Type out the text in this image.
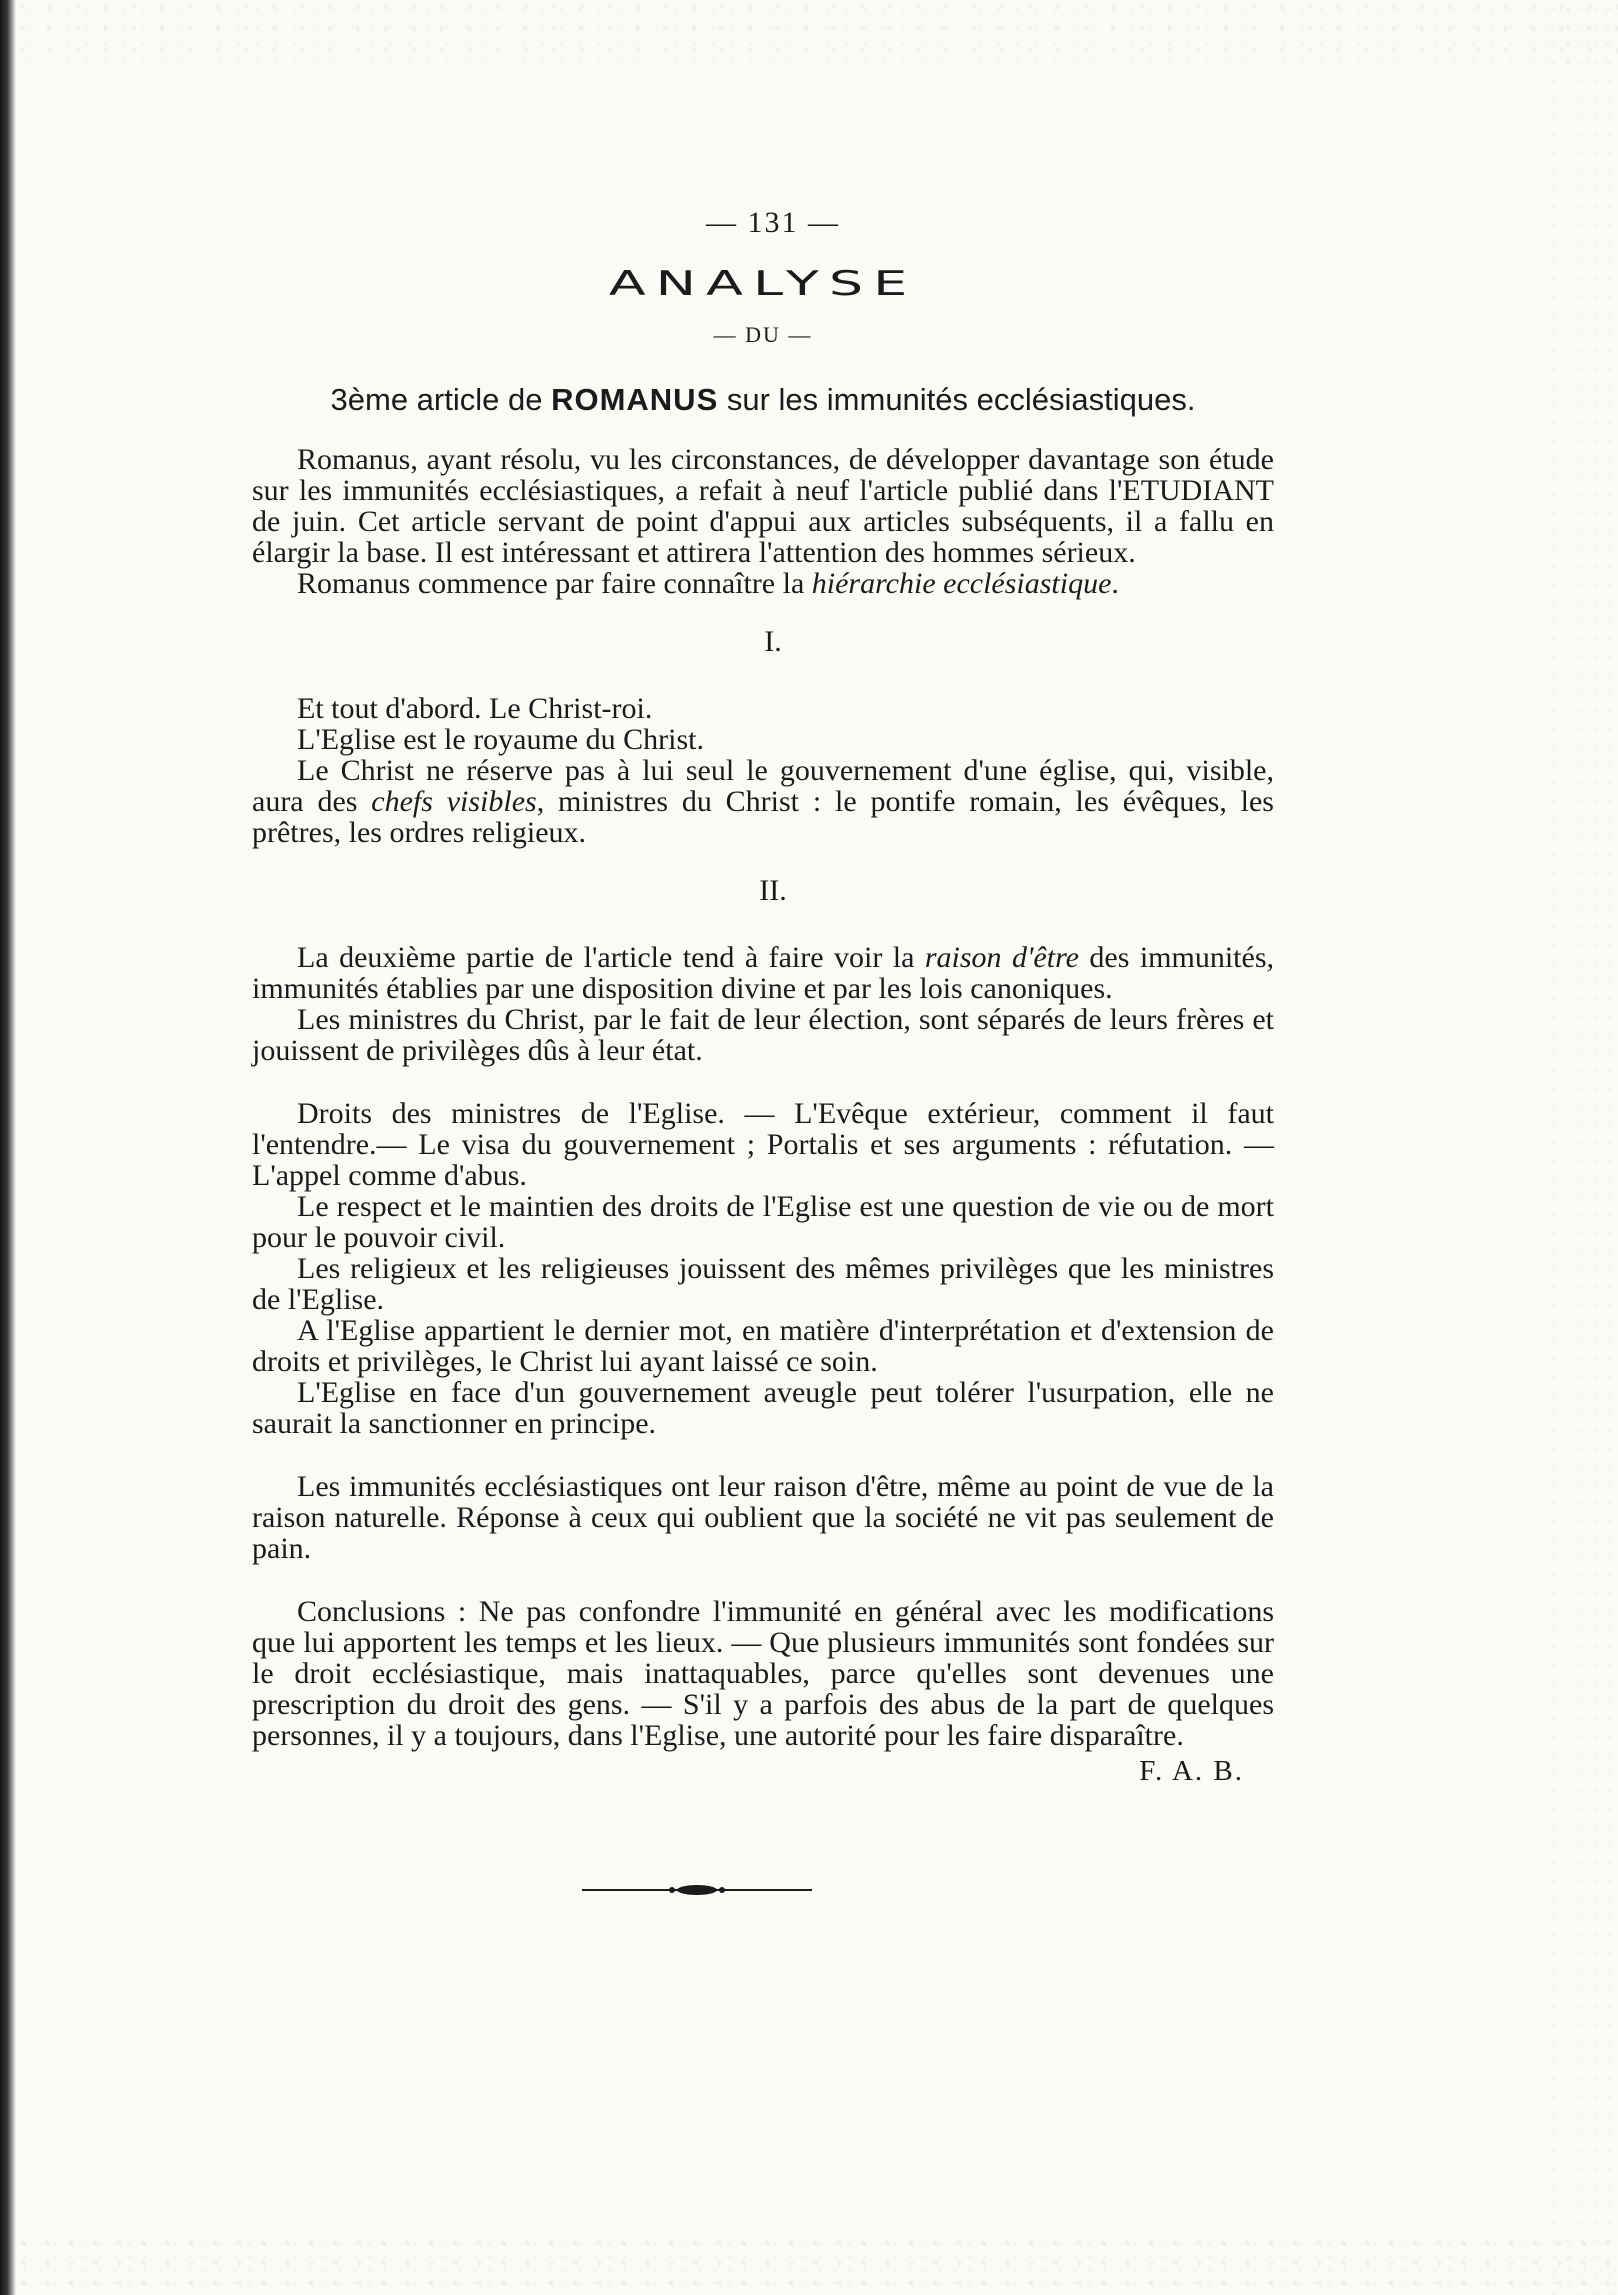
— 131 —
ANALYSE
— DU —
3ème article de ROMANUS sur les immunités ecclésiastiques.

Romanus, ayant résolu, vu les circonstances, de développer davantage son étude sur les immunités ecclésiastiques, a refait à neuf l'article publié dans l'ETUDIANT de juin. Cet article servant de point d'appui aux articles subséquents, il a fallu en élargir la base. Il est intéressant et attirera l'attention des hommes sérieux.

Romanus commence par faire connaître la hiérarchie ecclésiastique.

I.
Et tout d'abord. Le Christ-roi.
L'Eglise est le royaume du Christ.

Le Christ ne réserve pas à lui seul le gouvernement d'une église, qui, visible, aura des chefs visibles, ministres du Christ : le pontife romain, les évêques, les prêtres, les ordres religieux.

II.

La deuxième partie de l'article tend à faire voir la raison d'être des immunités, immunités établies par une disposition divine et par les lois canoniques.

Les ministres du Christ, par le fait de leur élection, sont séparés de leurs frères et jouissent de privilèges dûs à leur état.

Droits des ministres de l'Eglise. — L'Evêque extérieur, comment il faut l'entendre.— Le visa du gouvernement ; Portalis et ses arguments : réfutation. — L'appel comme d'abus.

Le respect et le maintien des droits de l'Eglise est une question de vie ou de mort pour le pouvoir civil.

Les religieux et les religieuses jouissent des mêmes privilèges que les ministres de l'Eglise.

A l'Eglise appartient le dernier mot, en matière d'interprétation et d'extension de droits et privilèges, le Christ lui ayant laissé ce soin.

L'Eglise en face d'un gouvernement aveugle peut tolérer l'usurpation, elle ne saurait la sanctionner en principe.

Les immunités ecclésiastiques ont leur raison d'être, même au point de vue de la raison naturelle. Réponse à ceux qui oublient que la société ne vit pas seulement de pain.

Conclusions : Ne pas confondre l'immunité en général avec les modifications que lui apportent les temps et les lieux. — Que plusieurs immunités sont fondées sur le droit ecclésiastique, mais inattaquables, parce qu'elles sont devenues une prescription du droit des gens. — S'il y a parfois des abus de la part de quelques personnes, il y a toujours, dans l'Eglise, une autorité pour les faire disparaître.

F. A. B.
